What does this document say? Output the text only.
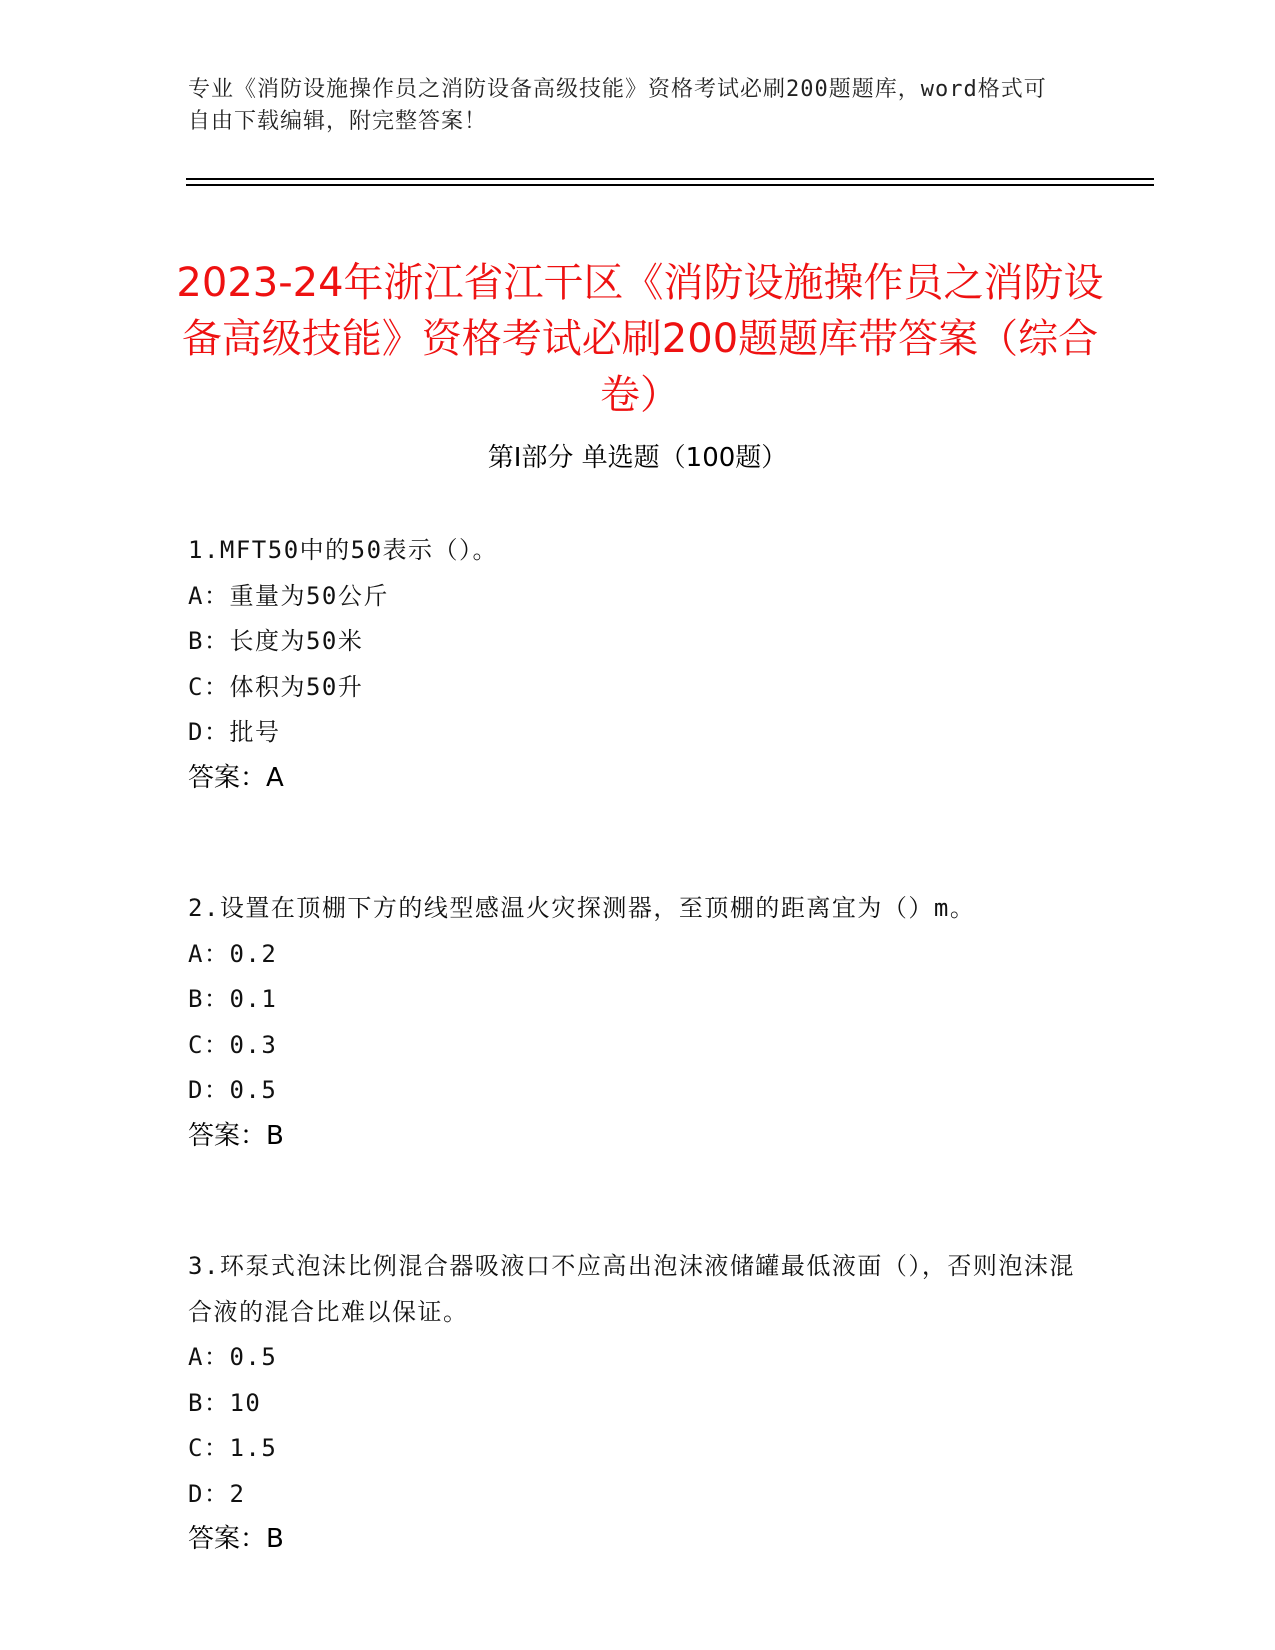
专业《消防设施操作员之消防设备高级技能》资格考试必刷200题题库，word格式可自由下载编辑，附完整答案！
2023-24年浙江省江干区《消防设施操作员之消防设备高级技能》资格考试必刷200题题库带答案（综合卷）
第Ⅰ部分 单选题（100题）
1.MFT50中的50表示（）。
A：重量为50公斤
B：长度为50米
C：体积为50升
D：批号
答案：A
2.设置在顶棚下方的线型感温火灾探测器，至顶棚的距离宜为（）m。
A：0.2
B：0.1
C：0.3
D：0.5
答案：B
3.环泵式泡沫比例混合器吸液口不应高出泡沫液储罐最低液面（），否则泡沫混合液的混合比难以保证。
A：0.5
B：10
C：1.5
D：2
答案：B
